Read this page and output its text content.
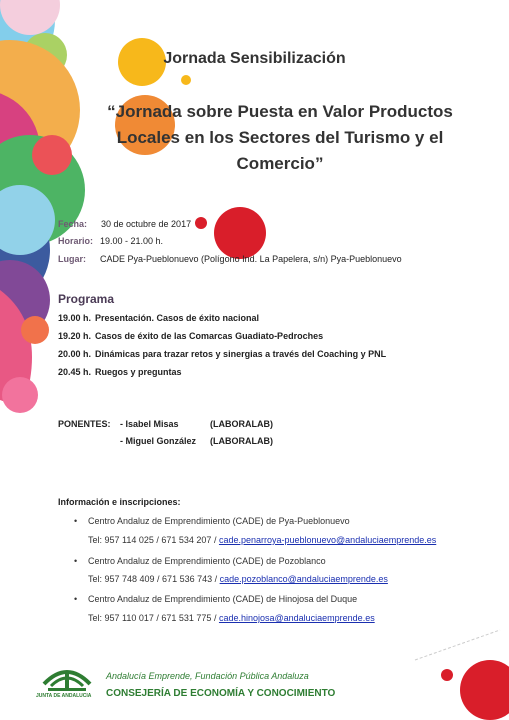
Jornada Sensibilización
“Jornada sobre Puesta en Valor Productos
Locales en los Sectores del Turismo y el
Comercio”
Fecha: 30 de octubre de 2017
Horario: 19.00 - 21.00 h.
Lugar: CADE Pya-Pueblonuevo (Polígono Ind. La Papelera, s/n) Pya-Pueblonuevo
Programa
19.00 h. Presentación. Casos de éxito nacional
19.20 h. Casos de éxito de las Comarcas Guadiato-Pedroches
20.00 h. Dinámicas para trazar retos y sinergias a través del Coaching y PNL
20.45 h. Ruegos y preguntas
PONENTES: - Isabel Misas	(LABORALAB)
- Miguel González (LABORALAB)
Información e inscripciones:
• Centro Andaluz de Emprendimiento (CADE) de Pya-Pueblonuevo
Tel: 957 114 025 / 671 534 207 / cade.penarroya-pueblonuevo@andaluciaemprende.es
• Centro Andaluz de Emprendimiento (CADE) de Pozoblanco
Tel: 957 748 409 / 671 536 743 / cade.pozoblanco@andaluciaemprende.es
• Centro Andaluz de Emprendimiento (CADE) de Hinojosa del Duque
Tel: 957 110 017 / 671 531 775 / cade.hinojosa@andaluciaemprende.es
JUNTA DE ANDALUCIA
Andalucía Emprende, Fundación Pública Andaluza
CONSEJERÍA DE ECONOMÍA Y CONOCIMIENTO
